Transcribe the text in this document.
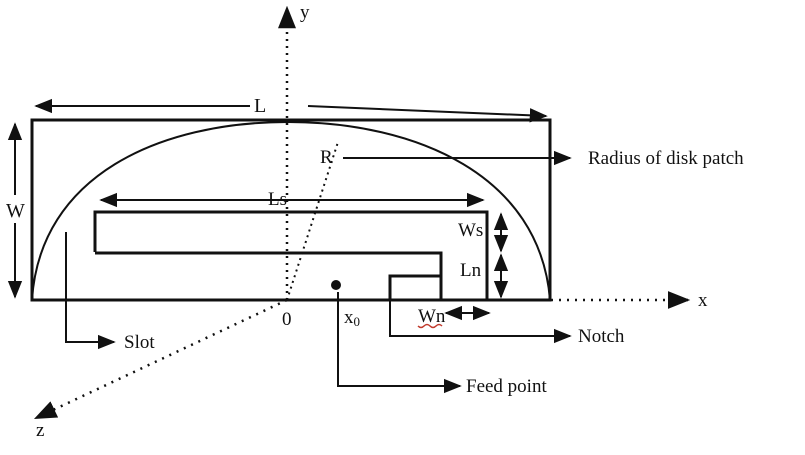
y
x
z
0
L
W
Ls
Ws
Ln
Wn
R
x0
Radius of disk patch
Slot	Notch
Feed point
